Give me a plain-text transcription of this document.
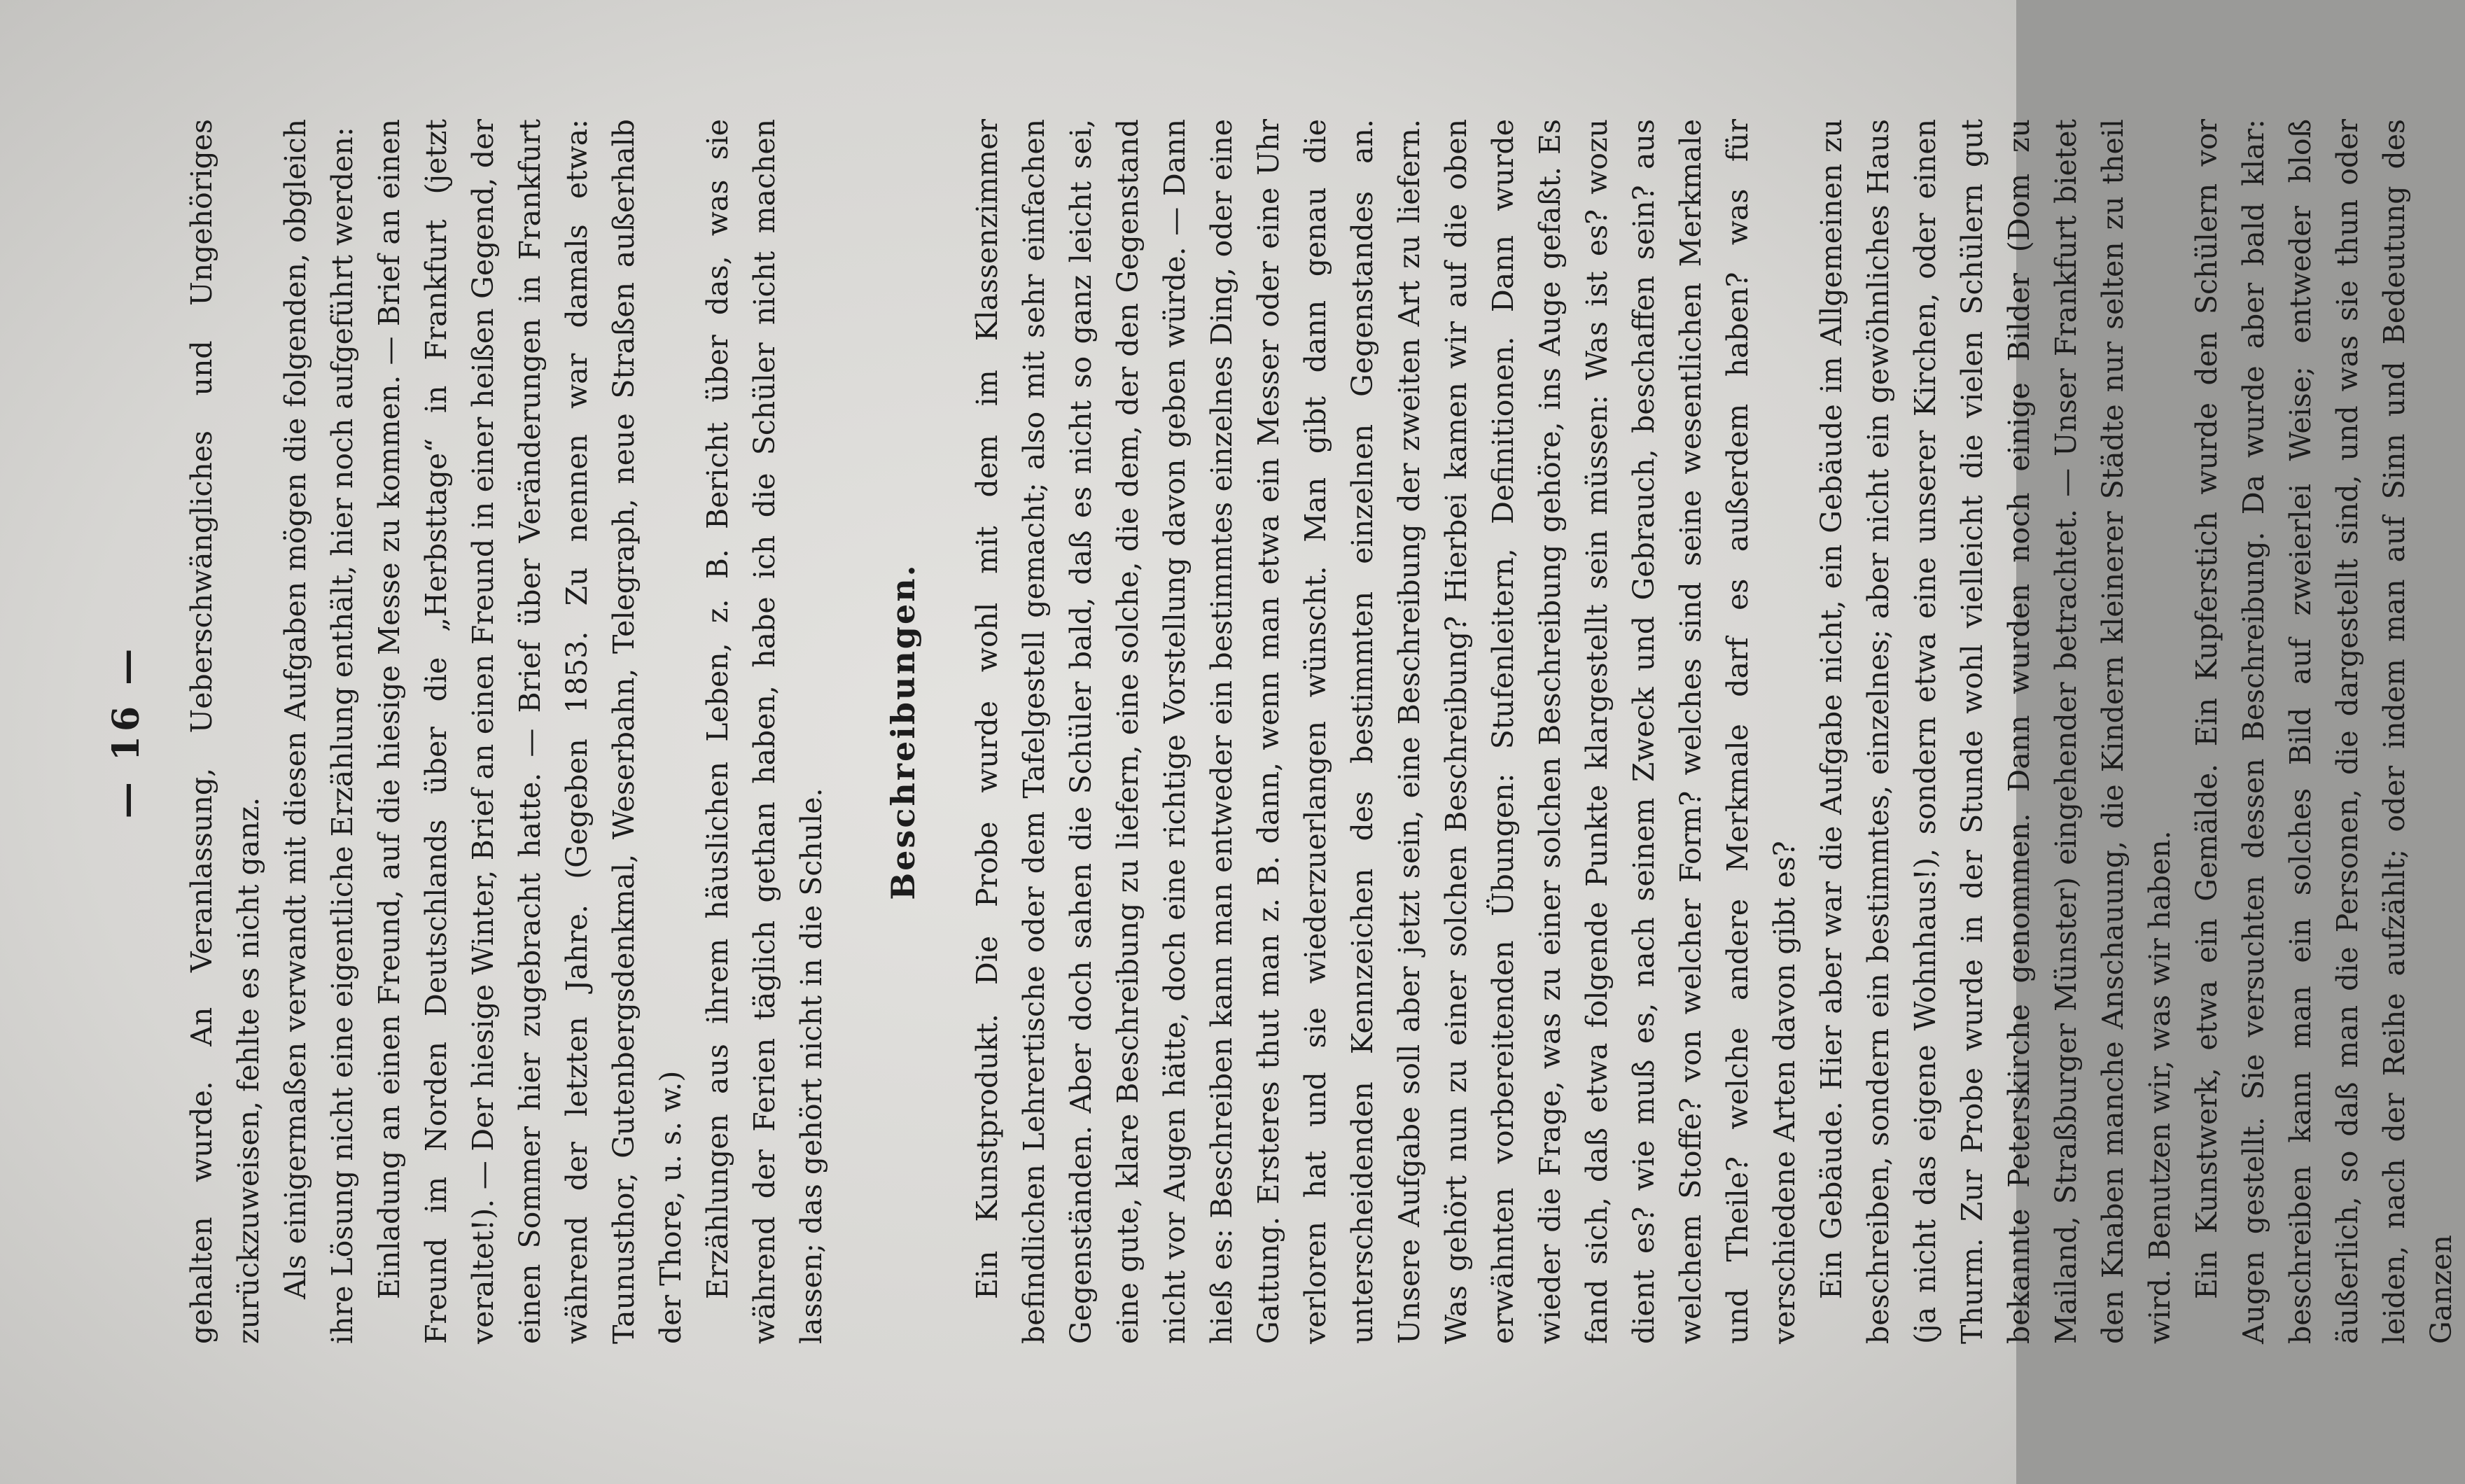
— 16 — gehalten wurde. An Veranlassung, Ueberschwängliches und Ungehöriges zurückzuweisen, fehlte es nicht ganz. Als einigermaßen verwandt mit diesen Aufgaben mögen die folgenden, obgleich ihre Lösung nicht eine eigentliche Erzählung enthält, hier noch aufgeführt werden: Einladung an einen Freund, auf die hiesige Messe zu kommen. — Brief an einen Freund im Norden Deutschlands über die „Herbsttage“ in Frankfurt (jetzt veraltet!). — Der hiesige Winter, Brief an einen Freund in einer heißen Gegend, der einen Sommer hier zugebracht hatte. — Brief über Veränderungen in Frankfurt während der letzten Jahre. (Gegeben 1853. Zu nennen war damals etwa: Taunusthor, Gutenbergsdenkmal, Weserbahn, Telegraph, neue Straßen außerhalb der Thore, u. s. w.) Erzählungen aus ihrem häuslichen Leben, z. B. Bericht über das, was sie während der Ferien täglich gethan haben, habe ich die Schüler nicht machen lassen; das gehört nicht in die Schule.

Beschreibungen. Ein Kunstprodukt. Die Probe wurde wohl mit dem im Klassenzimmer befindlichen Lehrertische oder dem Tafelgestell gemacht; also mit sehr einfachen Gegenständen. Aber doch sahen die Schüler bald, daß es nicht so ganz leicht sei, eine gute, klare Beschreibung zu liefern, eine solche, die dem, der den Gegenstand nicht vor Augen hätte, doch eine richtige Vorstellung davon geben würde. — Dann hieß es: Beschreiben kann man entweder ein bestimmtes einzelnes Ding, oder eine Gattung. Ersteres thut man z. B. dann, wenn man etwa ein Messer oder eine Uhr verloren hat und sie wiederzuerlangen wünscht. Man gibt dann genau die unterscheidenden Kennzeichen des bestimmten einzelnen Gegenstandes an. Unsere Aufgabe soll aber jetzt sein, eine Beschreibung der zweiten Art zu liefern. Was gehört nun zu einer solchen Beschreibung? Hierbei kamen wir auf die oben erwähnten vorbereitenden Übungen: Stufenleitern, Definitionen. Dann wurde wieder die Frage, was zu einer solchen Beschreibung gehöre, ins Auge gefaßt. Es fand sich, daß etwa folgende Punkte klargestellt sein müssen: Was ist es? wozu dient es? wie muß es, nach seinem Zweck und Gebrauch, beschaffen sein? aus welchem Stoffe? von welcher Form? welches sind seine wesentlichen Merkmale und Theile? welche andere Merkmale darf es außerdem haben? was für verschiedene Arten davon gibt es? Ein Gebäude. Hier aber war die Aufgabe nicht, ein Gebäude im Allgemeinen zu beschreiben, sondern ein bestimmtes, einzelnes; aber nicht ein gewöhnliches Haus (ja nicht das eigene Wohnhaus!), sondern etwa eine unserer Kirchen, oder einen Thurm. Zur Probe wurde in der Stunde wohl vielleicht die vielen Schülern gut bekannte Peterskirche genommen. Dann wurden noch einige Bilder (Dom zu Mailand, Straßburger Münster) eingehender betrachtet. — Unser Frankfurt bietet den Knaben manche Anschauung, die Kindern kleinerer Städte nur selten zu theil wird. Benutzen wir, was wir haben. Ein Kunstwerk, etwa ein Gemälde. Ein Kupferstich wurde den Schülern vor Augen gestellt. Sie versuchten dessen Beschreibung. Da wurde aber bald klar: beschreiben kann man ein solches Bild auf zweierlei Weise; entweder bloß äußerlich, so daß man die Personen, die dargestellt sind, und was sie thun oder leiden, nach der Reihe aufzählt; oder indem man auf Sinn und Bedeutung des Ganzen
